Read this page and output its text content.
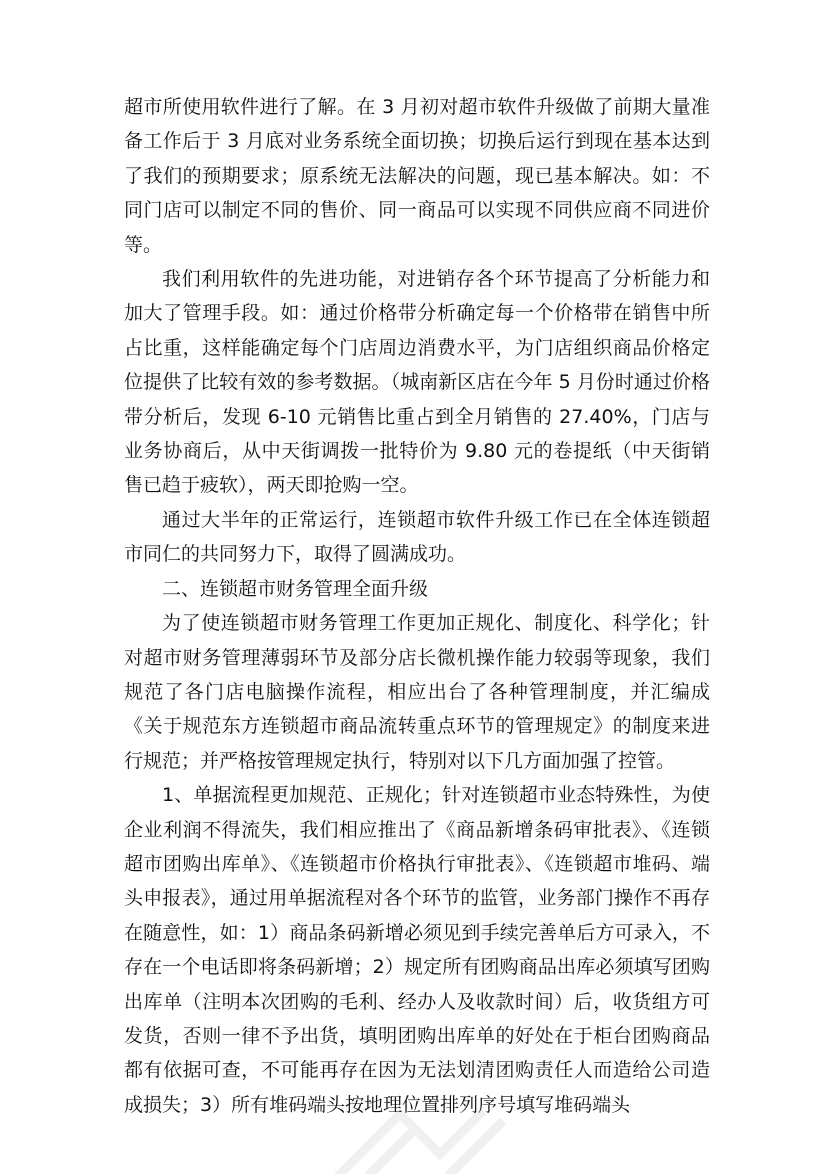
超市所使用软件进行了解。在 3 月初对超市软件升级做了前期大量准备工作后于 3 月底对业务系统全面切换；切换后运行到现在基本达到了我们的预期要求；原系统无法解决的问题，现已基本解决。如：不同门店可以制定不同的售价、同一商品可以实现不同供应商不同进价等。

我们利用软件的先进功能，对进销存各个环节提高了分析能力和加大了管理手段。如：通过价格带分析确定每一个价格带在销售中所占比重，这样能确定每个门店周边消费水平，为门店组织商品价格定位提供了比较有效的参考数据。（城南新区店在今年 5 月份时通过价格带分析后，发现 6-10 元销售比重占到全月销售的 27.40%，门店与业务协商后，从中天街调拨一批特价为 9.80 元的卷提纸（中天街销售已趋于疲软），两天即抢购一空。

通过大半年的正常运行，连锁超市软件升级工作已在全体连锁超市同仁的共同努力下，取得了圆满成功。

二、连锁超市财务管理全面升级

为了使连锁超市财务管理工作更加正规化、制度化、科学化；针对超市财务管理薄弱环节及部分店长微机操作能力较弱等现象，我们规范了各门店电脑操作流程，相应出台了各种管理制度，并汇编成《关于规范东方连锁超市商品流转重点环节的管理规定》的制度来进行规范；并严格按管理规定执行，特别对以下几方面加强了控管。

1、单据流程更加规范、正规化；针对连锁超市业态特殊性，为使企业利润不得流失，我们相应推出了《商品新增条码审批表》、《连锁超市团购出库单》、《连锁超市价格执行审批表》、《连锁超市堆码、端头申报表》，通过用单据流程对各个环节的监管，业务部门操作不再存在随意性，如：1）商品条码新增必须见到手续完善单后方可录入，不存在一个电话即将条码新增；2）规定所有团购商品出库必须填写团购出库单（注明本次团购的毛利、经办人及收款时间）后，收货组方可发货，否则一律不予出货，填明团购出库单的好处在于柜台团购商品都有依据可查，不可能再存在因为无法划清团购责任人而造给公司造成损失；3）所有堆码端头按地理位置排列序号填写堆码端头
